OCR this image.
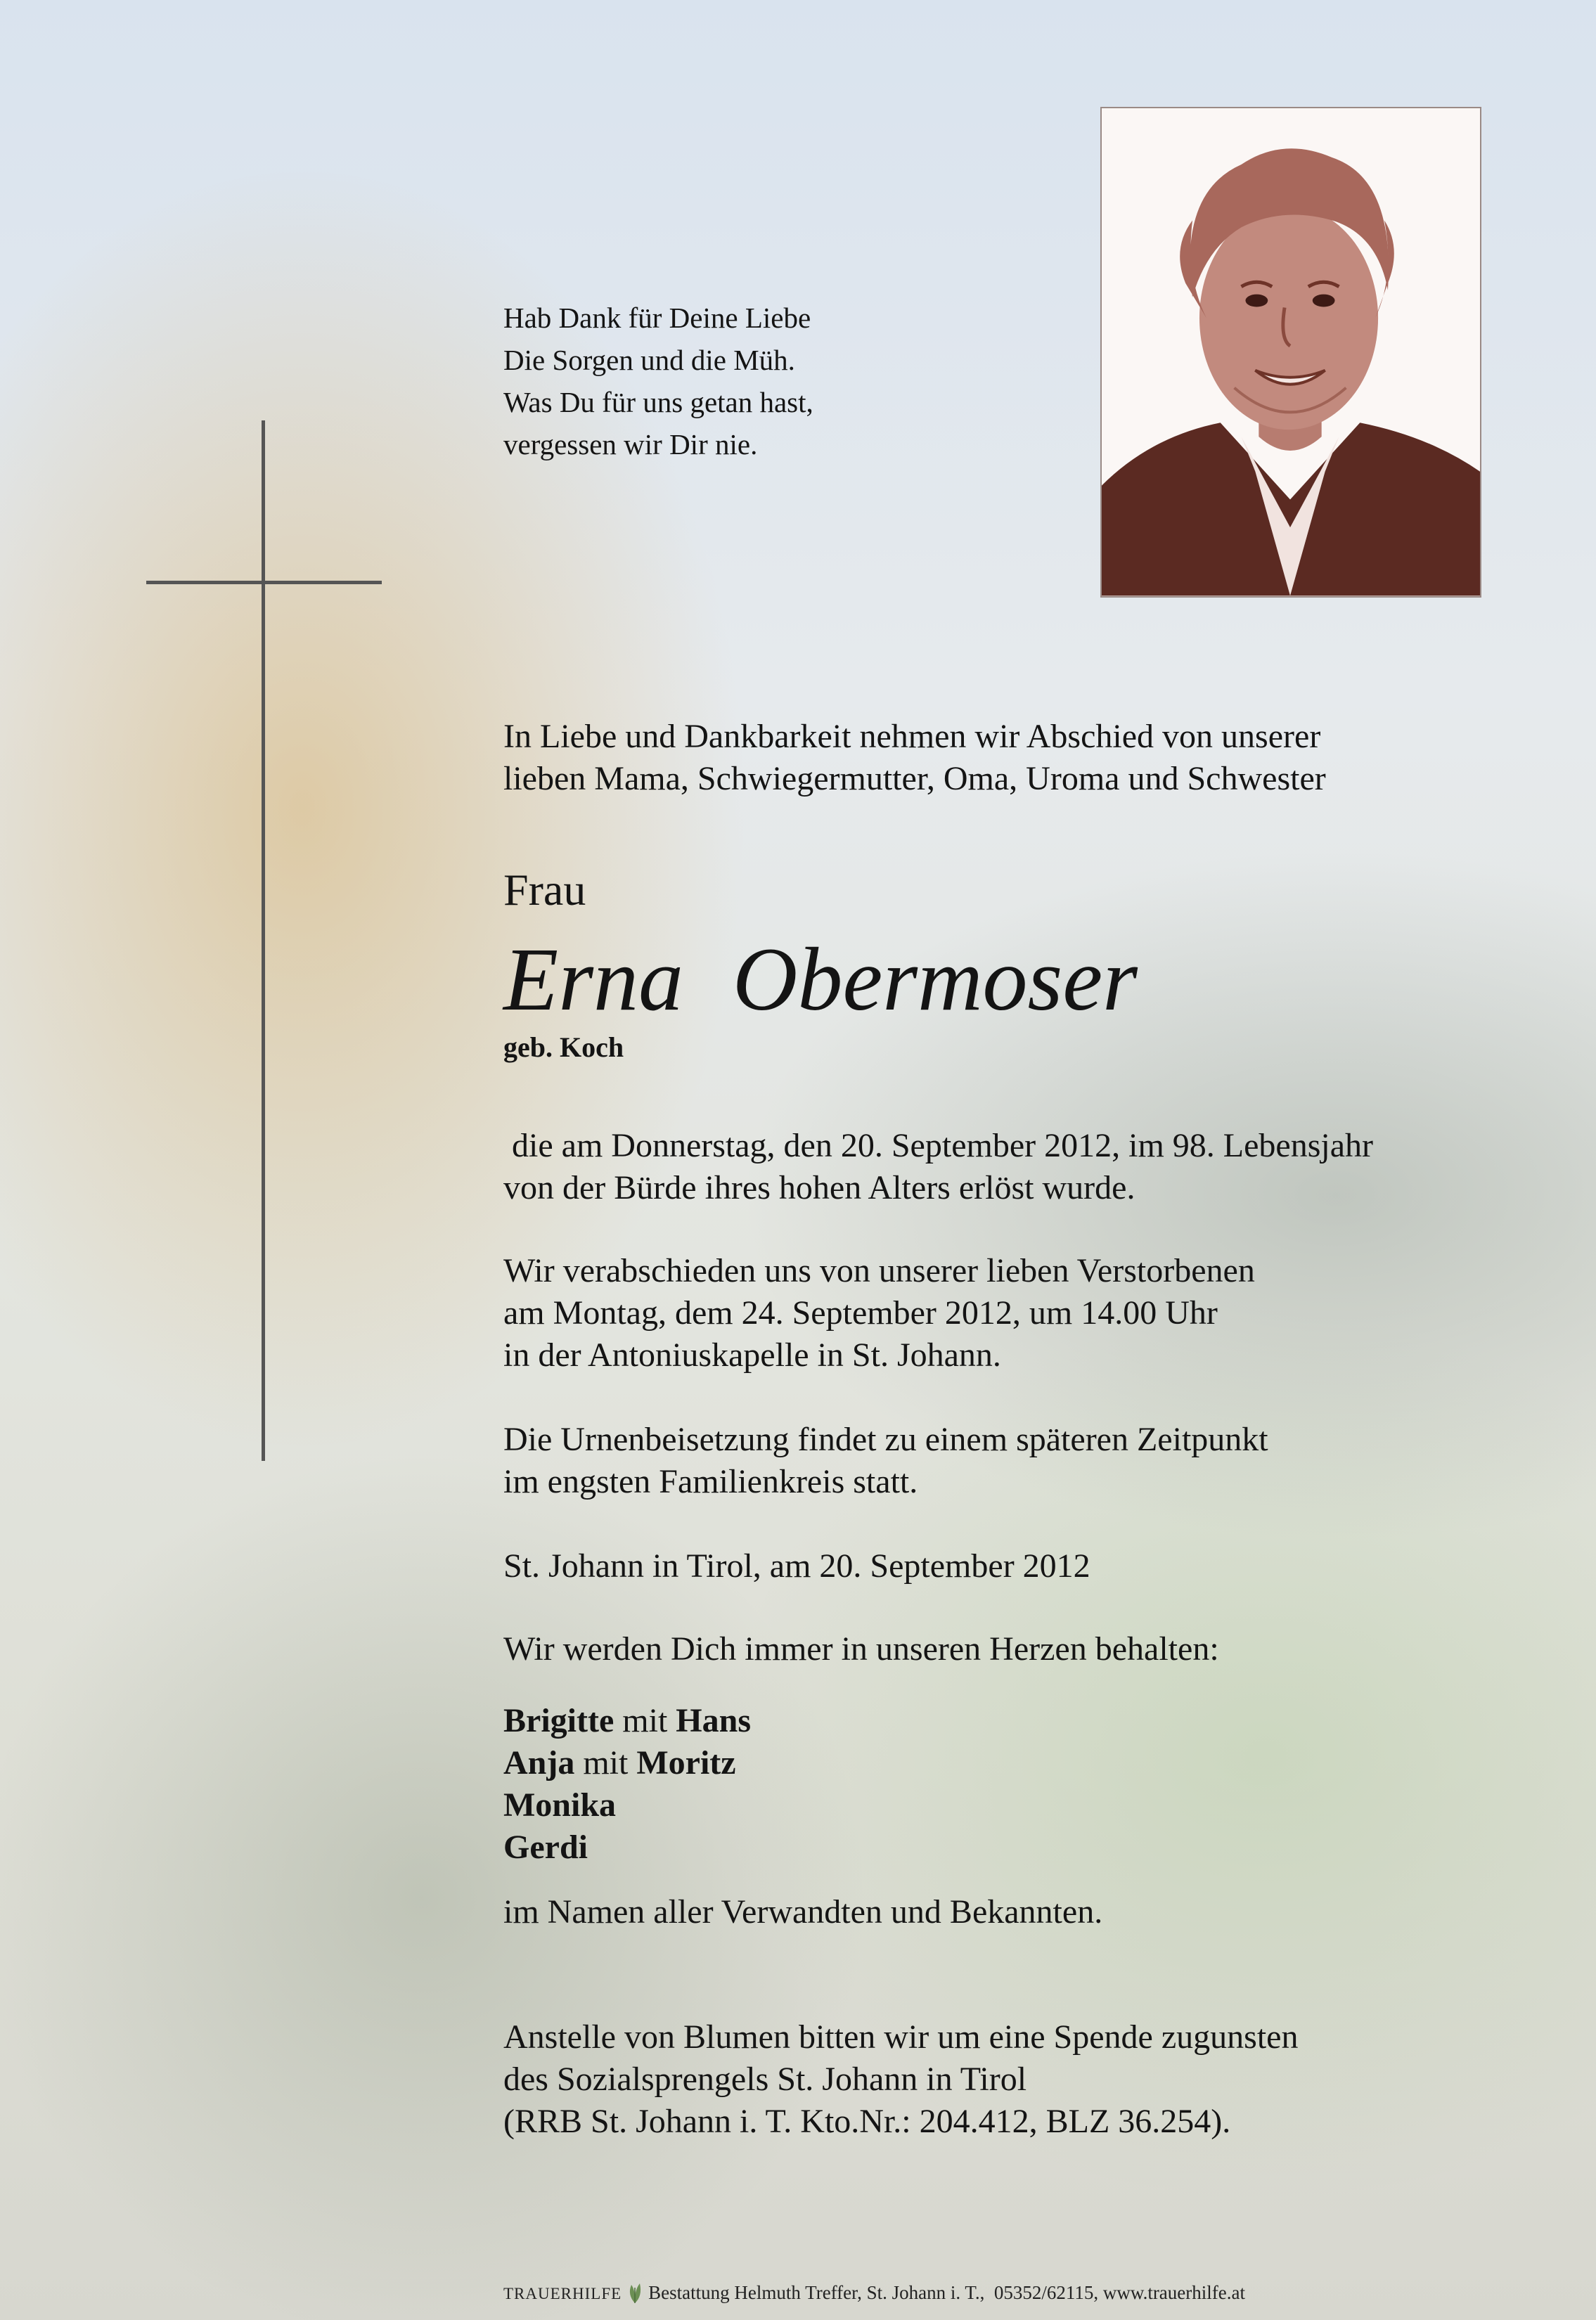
Hab Dank für Deine Liebe
Die Sorgen und die Müh.
Was Du für uns getan hast,
vergessen wir Dir nie.
In Liebe und Dankbarkeit nehmen wir Abschied von unserer
lieben Mama, Schwiegermutter, Oma, Uroma und Schwester
Frau
Erna Obermoser
geb. Koch
die am Donnerstag, den 20. September 2012, im 98. Lebensjahr
von der Bürde ihres hohen Alters erlöst wurde.
Wir verabschieden uns von unserer lieben Verstorbenen
am Montag, dem 24. September 2012, um 14.00 Uhr
in der Antoniuskapelle in St. Johann.
Die Urnenbeisetzung findet zu einem späteren Zeitpunkt
im engsten Familienkreis statt.
St. Johann in Tirol, am 20. September 2012
Wir werden Dich immer in unseren Herzen behalten:
Brigitte mit Hans
Anja mit Moritz
Monika
Gerdi
im Namen aller Verwandten und Bekannten.
Anstelle von Blumen bitten wir um eine Spende zugunsten
des Sozialsprengels St. Johann in Tirol
(RRB St. Johann i. T. Kto.Nr.: 204.412, BLZ 36.254).
TRAUERHILFE Bestattung Helmuth Treffer, St. Johann i. T.,  05352/62115, www.trauerhilfe.at
